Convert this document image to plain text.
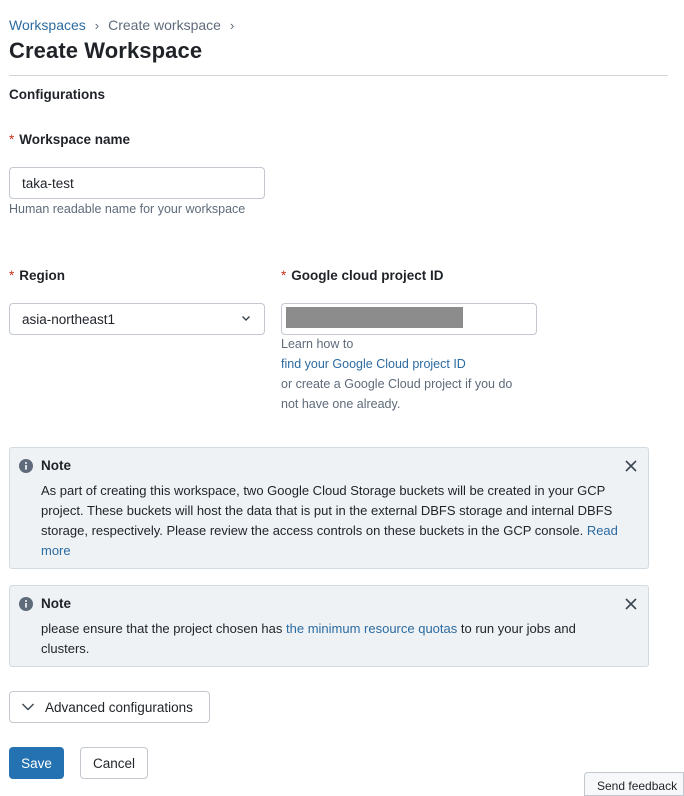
Workspaces › Create workspace ›
Create Workspace
Configurations
* Workspace name
taka-test
Human readable name for your workspace
* Region
asia-northeast1
* Google cloud project ID
Learn how to
find your Google Cloud project ID
or create a Google Cloud project if you do
not have one already.
Note
As part of creating this workspace, two Google Cloud Storage buckets will be created in your GCP project. These buckets will host the data that is put in the external DBFS storage and internal DBFS storage, respectively. Please review the access controls on these buckets in the GCP console. Read more
Note
please ensure that the project chosen has the minimum resource quotas to run your jobs and clusters.
Advanced configurations
Save	Cancel
Send feedback
